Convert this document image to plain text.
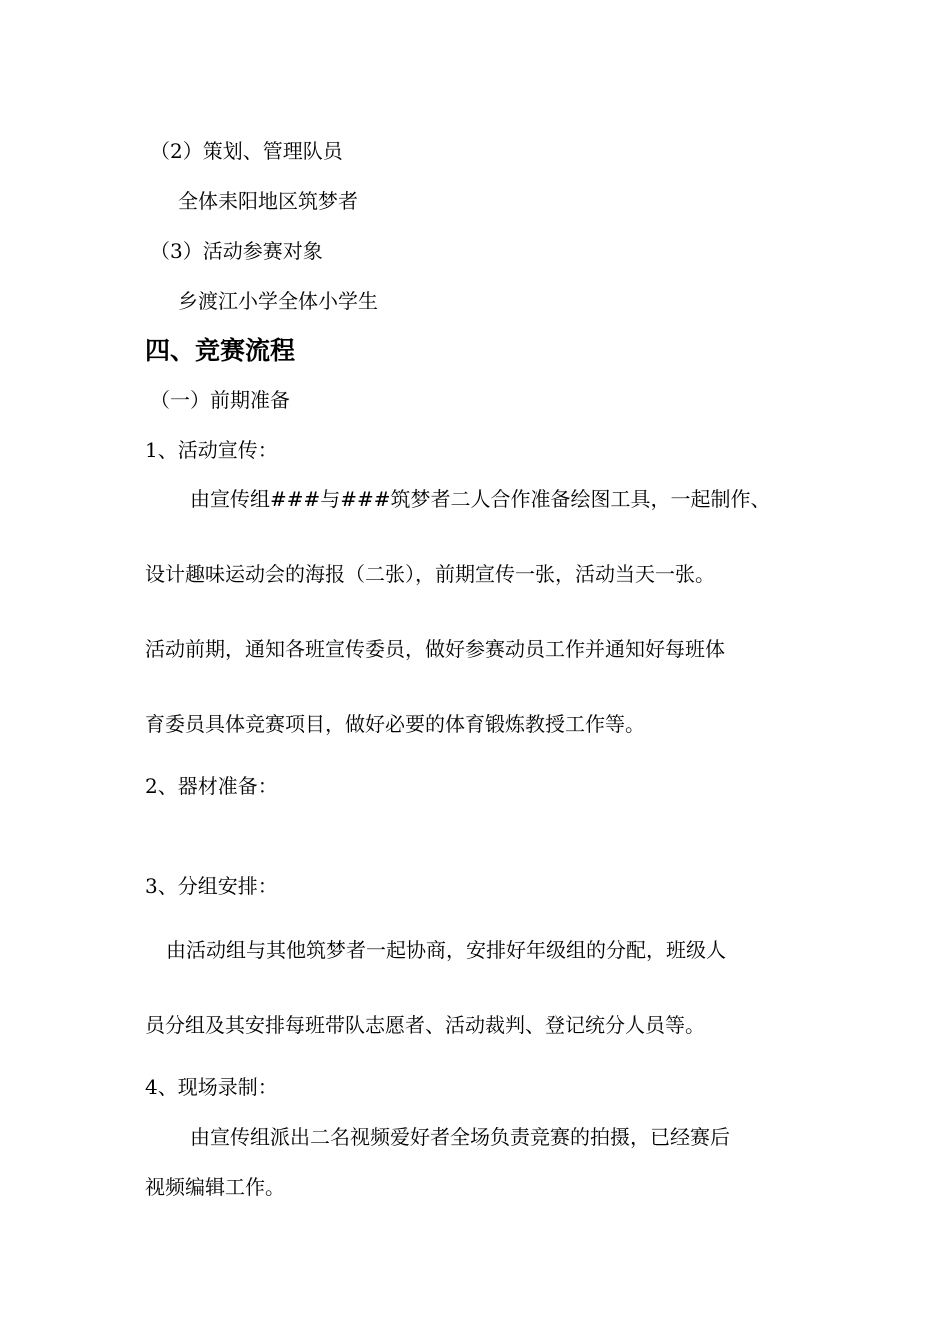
（2）策划、管理队员
全体耒阳地区筑梦者
（3）活动参赛对象
乡渡江小学全体小学生
四、竞赛流程
（一）前期准备
1、活动宣传：
由宣传组###与###筑梦者二人合作准备绘图工具，一起制作、
设计趣味运动会的海报（二张），前期宣传一张，活动当天一张。
活动前期，通知各班宣传委员，做好参赛动员工作并通知好每班体
育委员具体竞赛项目，做好必要的体育锻炼教授工作等。
2、器材准备：
3、分组安排：
由活动组与其他筑梦者一起协商，安排好年级组的分配，班级人
员分组及其安排每班带队志愿者、活动裁判、登记统分人员等。
4、现场录制：
由宣传组派出二名视频爱好者全场负责竞赛的拍摄，已经赛后
视频编辑工作。
